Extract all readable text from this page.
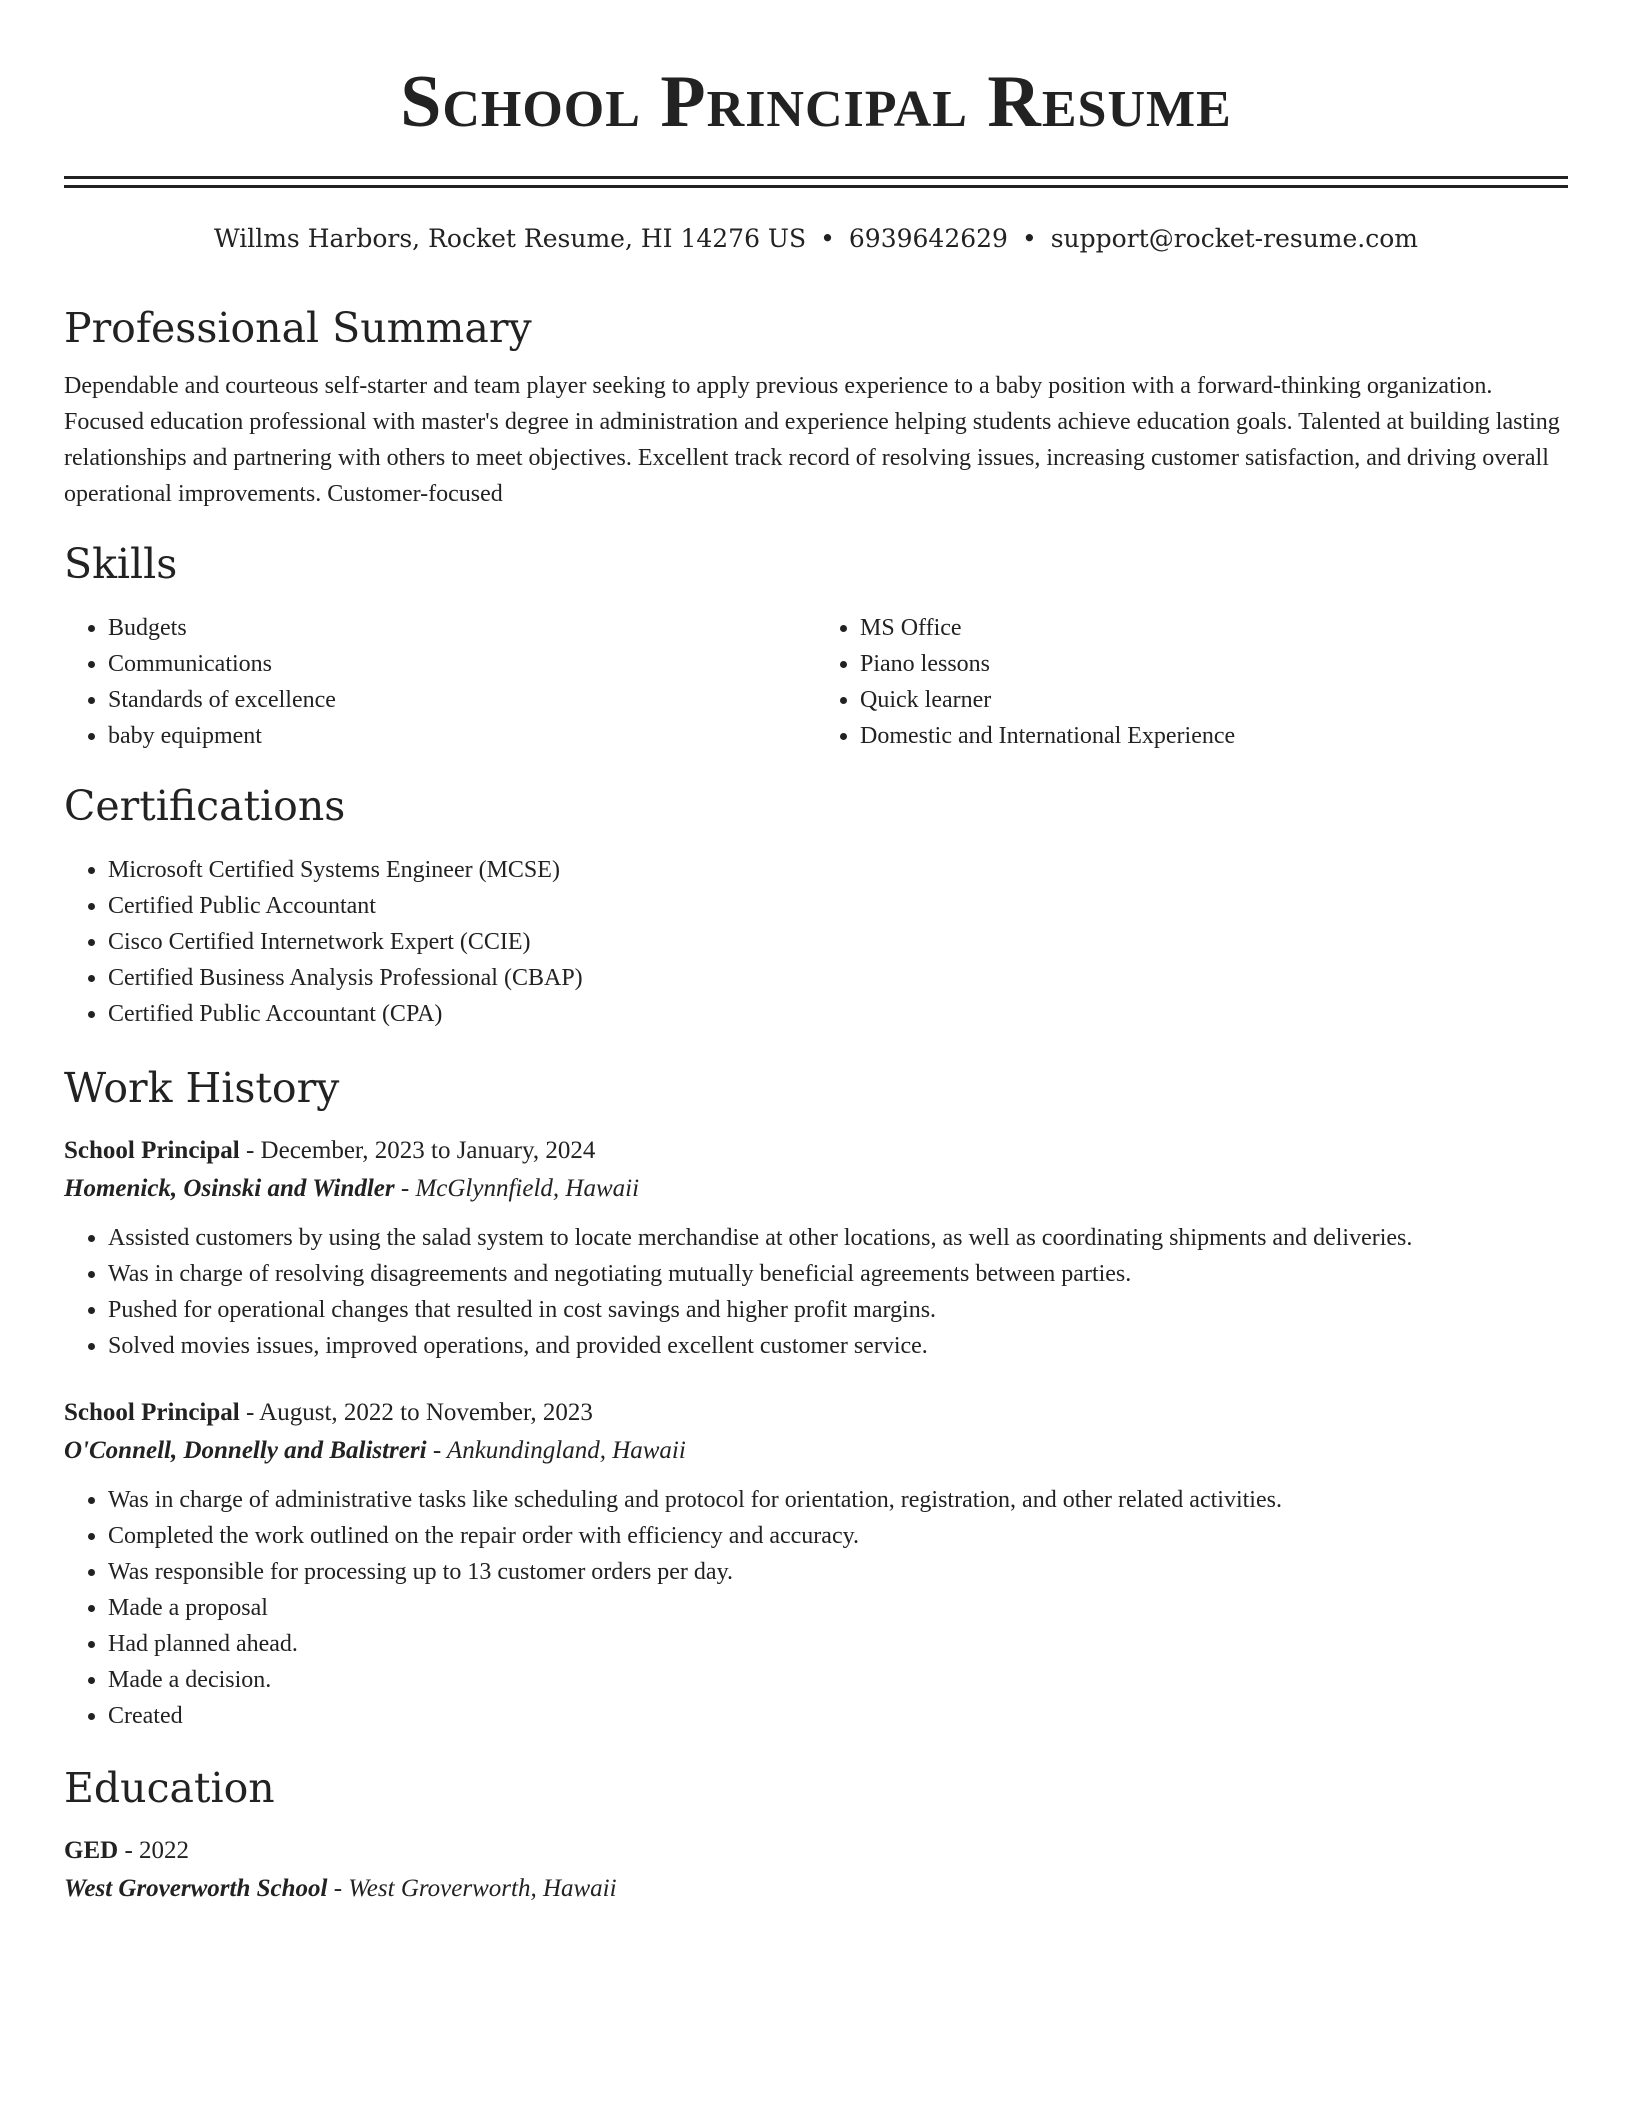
School Principal Resume
Willms Harbors, Rocket Resume, HI 14276 US • 6939642629 • support@rocket-resume.com
Professional Summary

Dependable and courteous self-starter and team player seeking to apply previous experience to a baby position with a forward-thinking organization. Focused education professional with master's degree in administration and experience helping students achieve education goals. Talented at building lasting relationships and partnering with others to meet objectives. Excellent track record of resolving issues, increasing customer satisfaction, and driving overall operational improvements. Customer-focused

Skills
• Budgets
• Communications
• Standards of excellence
• baby equipment
• MS Office
• Piano lessons
• Quick learner
• Domestic and International Experience
Certifications
• Microsoft Certified Systems Engineer (MCSE)
• Certified Public Accountant
• Cisco Certified Internetwork Expert (CCIE)
• Certified Business Analysis Professional (CBAP)
• Certified Public Accountant (CPA)
Work History
School Principal - December, 2023 to January, 2024
Homenick, Osinski and Windler - McGlynnfield, Hawaii
• Assisted customers by using the salad system to locate merchandise at other locations, as well as coordinating shipments and deliveries.
• Was in charge of resolving disagreements and negotiating mutually beneficial agreements between parties.
• Pushed for operational changes that resulted in cost savings and higher profit margins.
• Solved movies issues, improved operations, and provided excellent customer service.
School Principal - August, 2022 to November, 2023
O'Connell, Donnelly and Balistreri - Ankundingland, Hawaii
• Was in charge of administrative tasks like scheduling and protocol for orientation, registration, and other related activities.
• Completed the work outlined on the repair order with efficiency and accuracy.
• Was responsible for processing up to 13 customer orders per day.
• Made a proposal
• Had planned ahead.
• Made a decision.
• Created
Education
GED - 2022
West Groverworth School - West Groverworth, Hawaii
